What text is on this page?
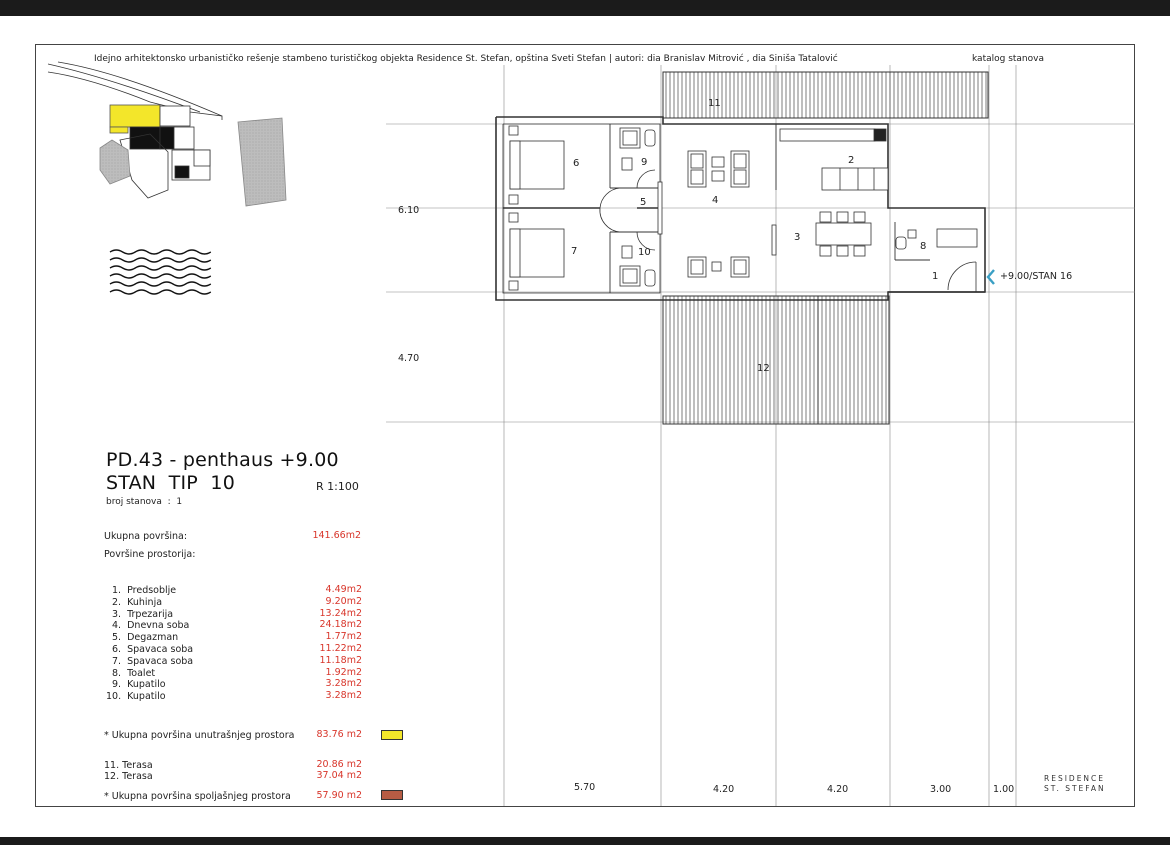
Idejno arhitektonsko urbanističko rešenje stambeno turističkog objekta Residence St. Stefan, opština Sveti Stefan | autori: dia Branislav Mitrović , dia Siniša Tatalović	katalog stanova
1
2
3
4
5
6
7	8
9
10
11
12
+9.00/STAN 16
6.10
4.70
5.70	4.20	4.20	3.00	1.00
PD.43 - penthaus +9.00
STAN  TIP  10	R 1:100
broj stanova  :  1
Ukupna površina:	141.66m2
Površine prostorija:
1.  Predsoblje	4.49m2
2.  Kuhinja	9.20m2
3.  Trpezarija	13.24m2
4.  Dnevna soba	24.18m2
5.  Degazman	1.77m2
6.  Spavaca soba	11.22m2
7.  Spavaca soba	11.18m2
8.  Toalet	1.92m2
9.  Kupatilo	3.28m2
10.  Kupatilo	3.28m2
* Ukupna površina unutrašnjeg prostora	83.76 m2
11. Terasa	20.86 m2
12. Terasa	37.04 m2
* Ukupna površina spoljašnjeg prostora	57.90 m2
RESIDENCE
ST. STEFAN
